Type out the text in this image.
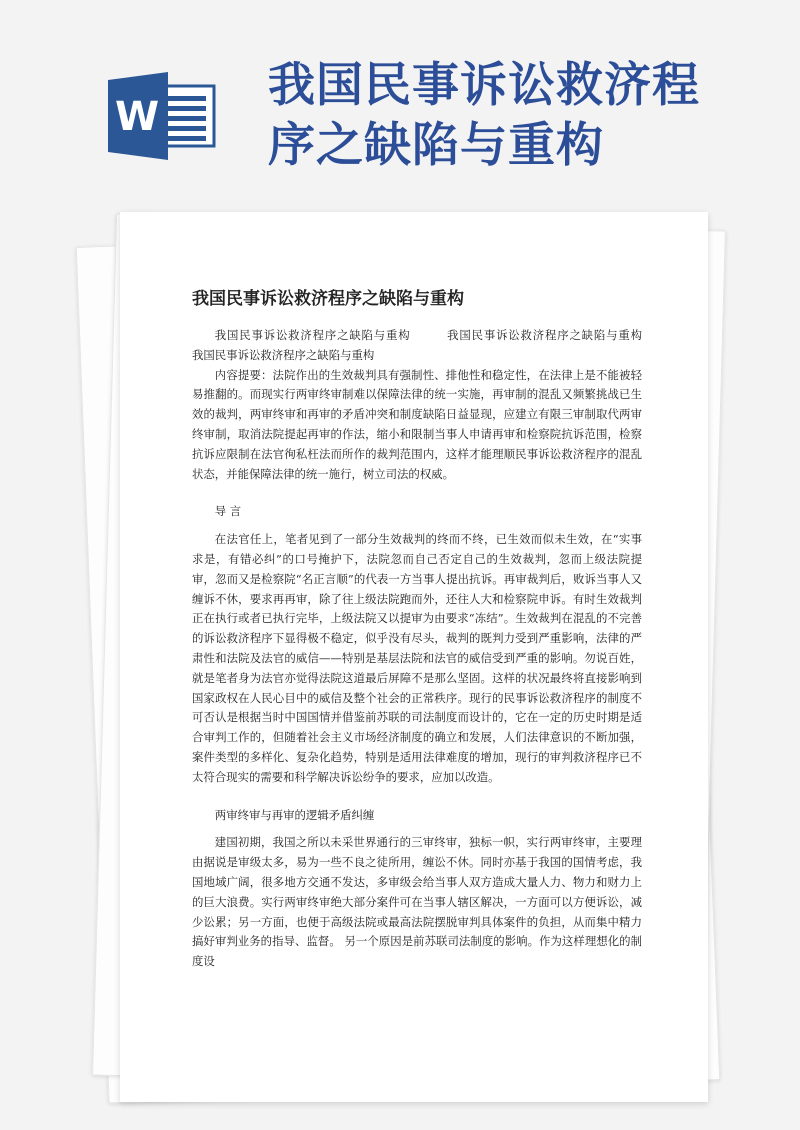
W
我国民事诉讼救济程序之缺陷与重构
我国民事诉讼救济程序之缺陷与重构

我国民事诉讼救济程序之缺陷与重构　　　我国民事诉讼救济程序之缺陷与重构　　　　　　　　　　我国民事诉讼救济程序之缺陷与重构

内容提要：法院作出的生效裁判具有强制性、排他性和稳定性，在法律上是不能被轻易推翻的。而现实行两审终审制难以保障法律的统一实施，再审制的混乱又频繁挑战已生效的裁判，两审终审和再审的矛盾冲突和制度缺陷日益显现，应建立有限三审制取代两审终审制，取消法院提起再审的作法，缩小和限制当事人申请再审和检察院抗诉范围，检察抗诉应限制在法官徇私枉法而所作的裁判范围内，这样才能理顺民事诉讼救济程序的混乱状态，并能保障法律的统一施行，树立司法的权威。

导 言

在法官任上，笔者见到了一部分生效裁判的终而不终，已生效而似未生效，在“实事求是，有错必纠”的口号掩护下，法院忽而自己否定自己的生效裁判，忽而上级法院提审，忽而又是检察院“名正言顺”的代表一方当事人提出抗诉。再审裁判后，败诉当事人又缠诉不休，要求再再审，除了往上级法院跑而外，还往人大和检察院申诉。有时生效裁判正在执行或者已执行完毕，上级法院又以提审为由要求“冻结”。生效裁判在混乱的不完善的诉讼救济程序下显得极不稳定，似乎没有尽头，裁判的既判力受到严重影响，法律的严肃性和法院及法官的威信——特别是基层法院和法官的威信受到严重的影响。勿说百姓，就是笔者身为法官亦觉得法院这道最后屏障不是那么坚固。这样的状况最终将直接影响到国家政权在人民心目中的威信及整个社会的正常秩序。现行的民事诉讼救济程序的制度不可否认是根据当时中国国情并借鉴前苏联的司法制度而设计的，它在一定的历史时期是适合审判工作的，但随着社会主义市场经济制度的确立和发展，人们法律意识的不断加强，案件类型的多样化、复杂化趋势，特别是适用法律难度的增加，现行的审判救济程序已不太符合现实的需要和科学解决诉讼纷争的要求，应加以改造。

两审终审与再审的逻辑矛盾纠缠

建国初期，我国之所以未采世界通行的三审终审，独标一帜，实行两审终审，主要理由据说是审级太多，易为一些不良之徒所用，缠讼不休。同时亦基于我国的国情考虑，我国地域广阔，很多地方交通不发达，多审级会给当事人双方造成大量人力、物力和财力上的巨大浪费。实行两审终审绝大部分案件可在当事人辖区解决，一方面可以方便诉讼，减少讼累；另一方面，也便于高级法院或最高法院摆脱审判具体案件的负担，从而集中精力搞好审判业务的指导、监督。 另一个原因是前苏联司法制度的影响。作为这样理想化的制度设
